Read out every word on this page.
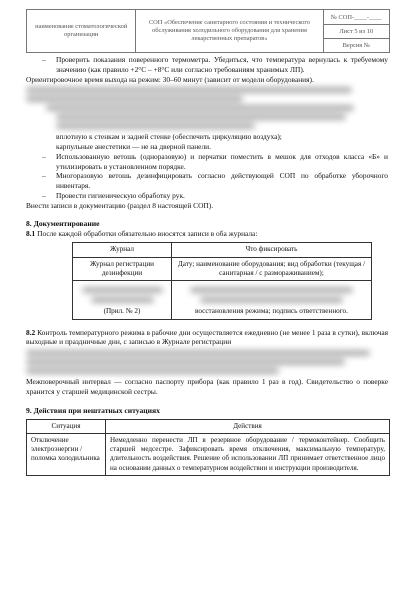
наименование стоматологической организации	СОП «Обеспечение санитарного состояния и технического обслуживания холодильного оборудования для хранения лекарственных препаратов»	
№ СОП-____-____
Лист 5 из 10
Версия №

– Проверить показания поверенного термометра. Убедиться, что температура вернулась к требуемому значению (как правило +2°C – +8°C или согласно требованиям хранимых ЛП).

Ориентировочное время выхода на режим: 30–60 минут (зависит от модели оборудования).

вплотную к стенкам и задней стенке (обеспечить циркуляцию воздуха);

карпульные анестетики — не на дверной панели.

– Использованную ветошь (одноразовую) и перчатки поместить в мешок для отходов класса «Б» и утилизировать в установленном порядке.

– Многоразовую ветошь дезинфицировать согласно действующей СОП по обработке уборочного инвентаря.

– Провести гигиеническую обработку рук.

Внести записи в документацию (раздел 8 настоящей СОП).

8. Документирование

8.1 После каждой обработки обязательно вносятся записи в оба журнала:

Журнал	Что фиксировать
Журнал регистрации дезинфекции	Дату; наименование оборудования; вид обработки (текущая / санитарная / с размораживанием);

(Прил. № 2)	восстановления режима; подпись ответственного.

8.2 Контроль температурного режима в рабочие дни осуществляется ежедневно (не менее 1 раза в сутки), включая выходные и праздничные дни, с записью в Журнале регистрации

Межповерочный интервал — согласно паспорту прибора (как правило 1 раз в год). Свидетельство о поверке хранится у старшей медицинской сестры.

9. Действия при нештатных ситуациях
Ситуация	Действия
Отключение электроэнергии / поломка холодильника	Немедленно перенести ЛП в резервное оборудование / термоконтейнер. Сообщить старшей медсестре. Зафиксировать время отключения, максимальную температуру, длительность воздействия. Решение об использовании ЛП принимает ответственное лицо на основании данных о температурном воздействии и инструкции производителя.
